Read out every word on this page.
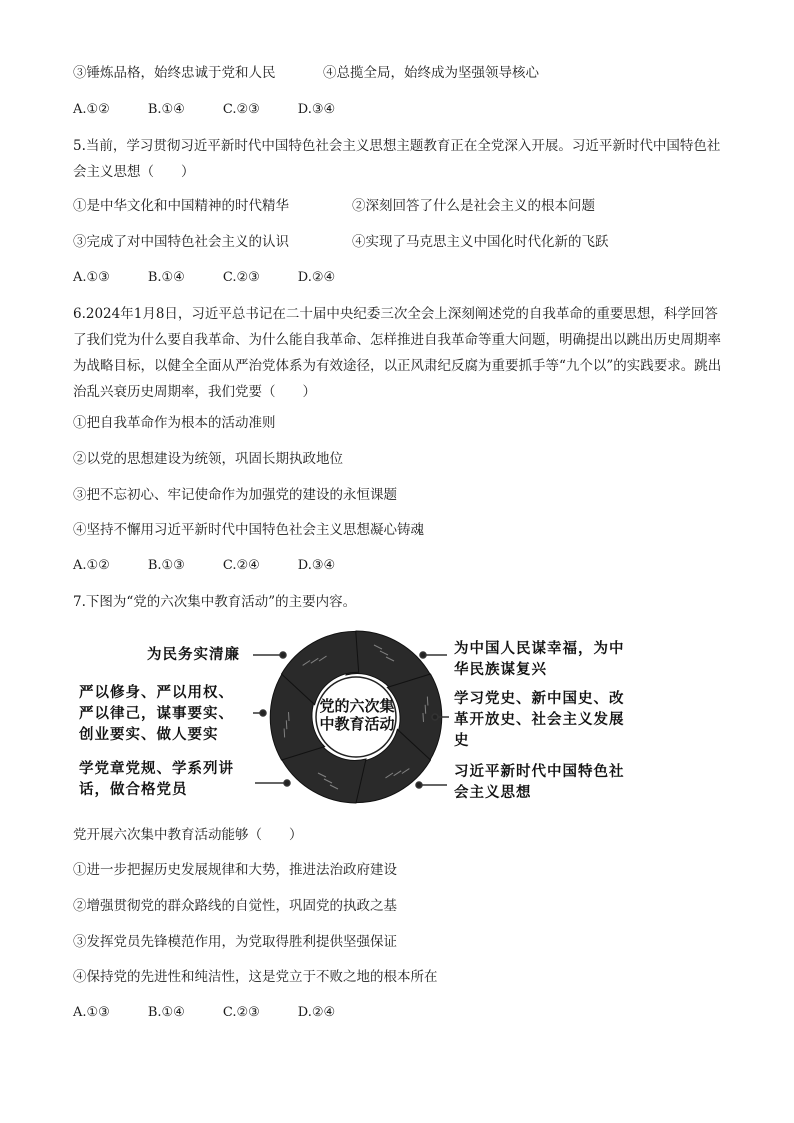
③锤炼品格，始终忠诚于党和人民	④总揽全局，始终成为坚强领导核心
A.①②	B.①④	C.②③	D.③④
5.当前，学习贯彻习近平新时代中国特色社会主义思想主题教育正在全党深入开展。习近平新时代中国特色社会主义思想（　　）
①是中华文化和中国精神的时代精华	②深刻回答了什么是社会主义的根本问题
③完成了对中国特色社会主义的认识	④实现了马克思主义中国化时代化新的飞跃
A.①③	B.①④	C.②③	D.②④
6.2024年1月8日，习近平总书记在二十届中央纪委三次全会上深刻阐述党的自我革命的重要思想，科学回答了我们党为什么要自我革命、为什么能自我革命、怎样推进自我革命等重大问题，明确提出以跳出历史周期率为战略目标，以健全全面从严治党体系为有效途径，以正风肃纪反腐为重要抓手等“九个以”的实践要求。跳出治乱兴衰历史周期率，我们党要（　　）
①把自我革命作为根本的活动准则
②以党的思想建设为统领，巩固长期执政地位
③把不忘初心、牢记使命作为加强党的建设的永恒课题
④坚持不懈用习近平新时代中国特色社会主义思想凝心铸魂
A.①②	B.①③	C.②④	D.③④
7.下图为“党的六次集中教育活动”的主要内容。
党的六次集
中教育活动
为民务实清廉
严以修身、严以用权、
严以律己，谋事要实、
创业要实、做人要实
学党章党规、学系列讲
话，做合格党员
为中国人民谋幸福，为中
华民族谋复兴
学习党史、新中国史、改
革开放史、社会主义发展
史
习近平新时代中国特色社
会主义思想
党开展六次集中教育活动能够（　　）
①进一步把握历史发展规律和大势，推进法治政府建设
②增强贯彻党的群众路线的自觉性，巩固党的执政之基
③发挥党员先锋模范作用，为党取得胜利提供坚强保证
④保持党的先进性和纯洁性，这是党立于不败之地的根本所在
A.①③	B.①④	C.②③	D.②④
